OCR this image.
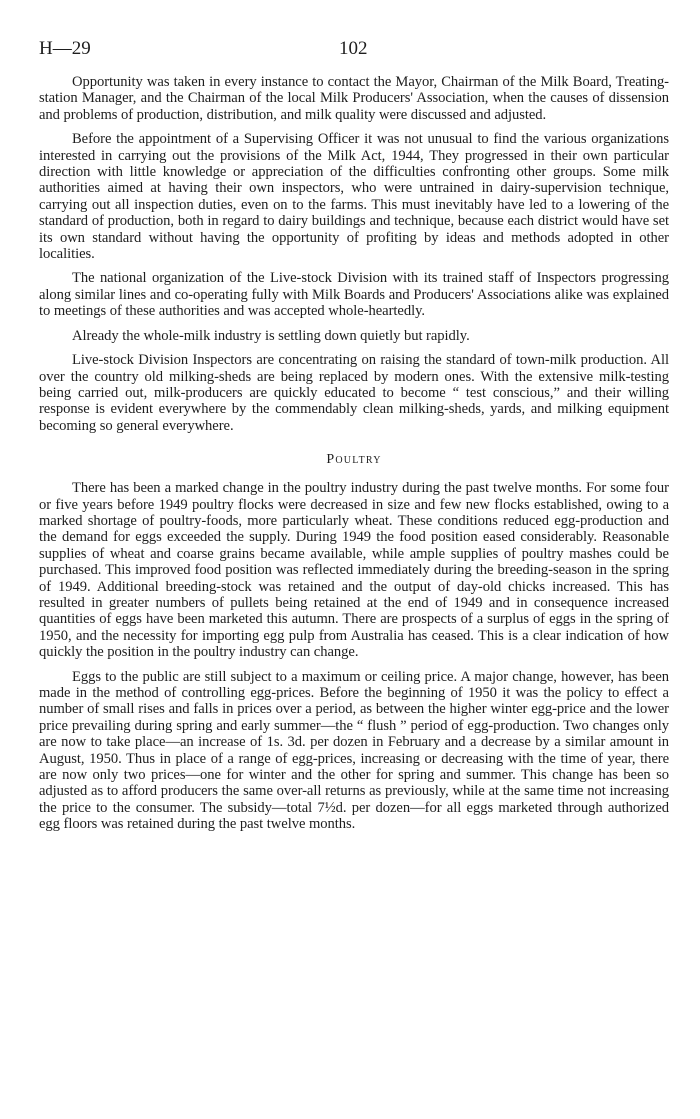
H—29	102

Opportunity was taken in every instance to contact the Mayor, Chairman of the Milk Board, Treating-station Manager, and the Chairman of the local Milk Producers' Association, when the causes of dissension and problems of production, distribution, and milk quality were discussed and adjusted.

Before the appointment of a Supervising Officer it was not unusual to find the various organizations interested in carrying out the provisions of the Milk Act, 1944, They progressed in their own particular direction with little knowledge or appreciation of the difficulties confronting other groups. Some milk authorities aimed at having their own inspectors, who were untrained in dairy-supervision technique, carrying out all inspection duties, even on to the farms. This must inevitably have led to a lowering of the standard of production, both in regard to dairy buildings and technique, because each district would have set its own standard without having the opportunity of profiting by ideas and methods adopted in other localities.

The national organization of the Live-stock Division with its trained staff of Inspectors progressing along similar lines and co-operating fully with Milk Boards and Producers' Associations alike was explained to meetings of these authorities and was accepted whole-heartedly.

Already the whole-milk industry is settling down quietly but rapidly.

Live-stock Division Inspectors are concentrating on raising the standard of town-milk production. All over the country old milking-sheds are being replaced by modern ones. With the extensive milk-testing being carried out, milk-producers are quickly educated to become “ test conscious,” and their willing response is evident everywhere by the commendably clean milking-sheds, yards, and milking equipment becoming so general everywhere.

Poultry

There has been a marked change in the poultry industry during the past twelve months. For some four or five years before 1949 poultry flocks were decreased in size and few new flocks established, owing to a marked shortage of poultry-foods, more particularly wheat. These conditions reduced egg-production and the demand for eggs exceeded the supply. During 1949 the food position eased considerably. Reasonable supplies of wheat and coarse grains became available, while ample supplies of poultry mashes could be purchased. This improved food position was reflected immediately during the breeding-season in the spring of 1949. Additional breeding-stock was retained and the output of day-old chicks increased. This has resulted in greater numbers of pullets being retained at the end of 1949 and in consequence increased quantities of eggs have been marketed this autumn. There are prospects of a surplus of eggs in the spring of 1950, and the necessity for importing egg pulp from Australia has ceased. This is a clear indication of how quickly the position in the poultry industry can change.

Eggs to the public are still subject to a maximum or ceiling price. A major change, however, has been made in the method of controlling egg-prices. Before the beginning of 1950 it was the policy to effect a number of small rises and falls in prices over a period, as between the higher winter egg-price and the lower price prevailing during spring and early summer—the “ flush ” period of egg-production. Two changes only are now to take place—an increase of 1s. 3d. per dozen in February and a decrease by a similar amount in August, 1950. Thus in place of a range of egg-prices, increasing or decreasing with the time of year, there are now only two prices—one for winter and the other for spring and summer. This change has been so adjusted as to afford producers the same over-all returns as previously, while at the same time not increasing the price to the consumer. The subsidy—total 7½d. per dozen—for all eggs marketed through authorized egg floors was retained during the past twelve months.
